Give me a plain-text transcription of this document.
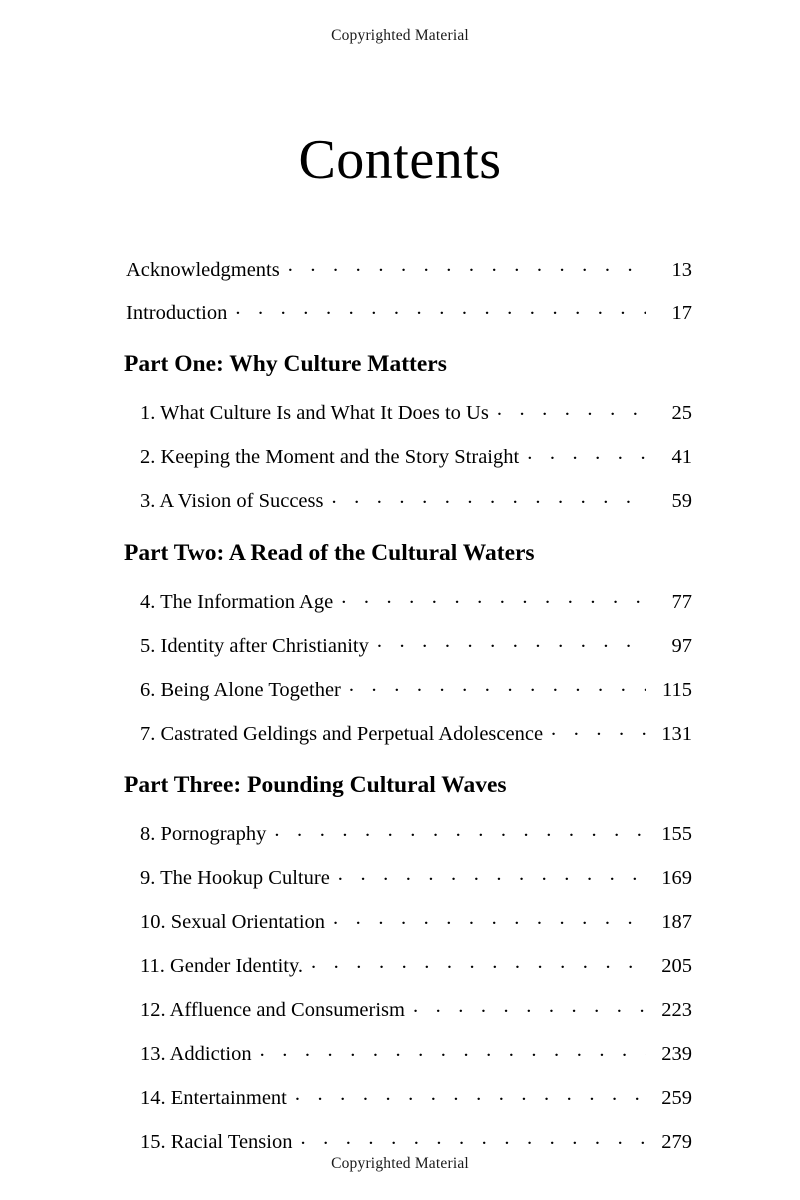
Copyrighted Material
Contents
Acknowledgments . . .	13
Introduction . . .	17
Part One: Why Culture Matters
1. What Culture Is and What It Does to Us . . .	25
2. Keeping the Moment and the Story Straight . . .	41
3. A Vision of Success . . .	59
Part Two: A Read of the Cultural Waters
4. The Information Age . . .	77
5. Identity after Christianity . . .	97
6. Being Alone Together . . .	115
7. Castrated Geldings and Perpetual Adolescence . . .	131
Part Three: Pounding Cultural Waves
8. Pornography . . .	155
9. The Hookup Culture . . .	169
10. Sexual Orientation . . .	187
11. Gender Identity. . . .	205
12. Affluence and Consumerism . . .	223
13. Addiction . . .	239
14. Entertainment . . .	259
15. Racial Tension . . .	279
Copyrighted Material
